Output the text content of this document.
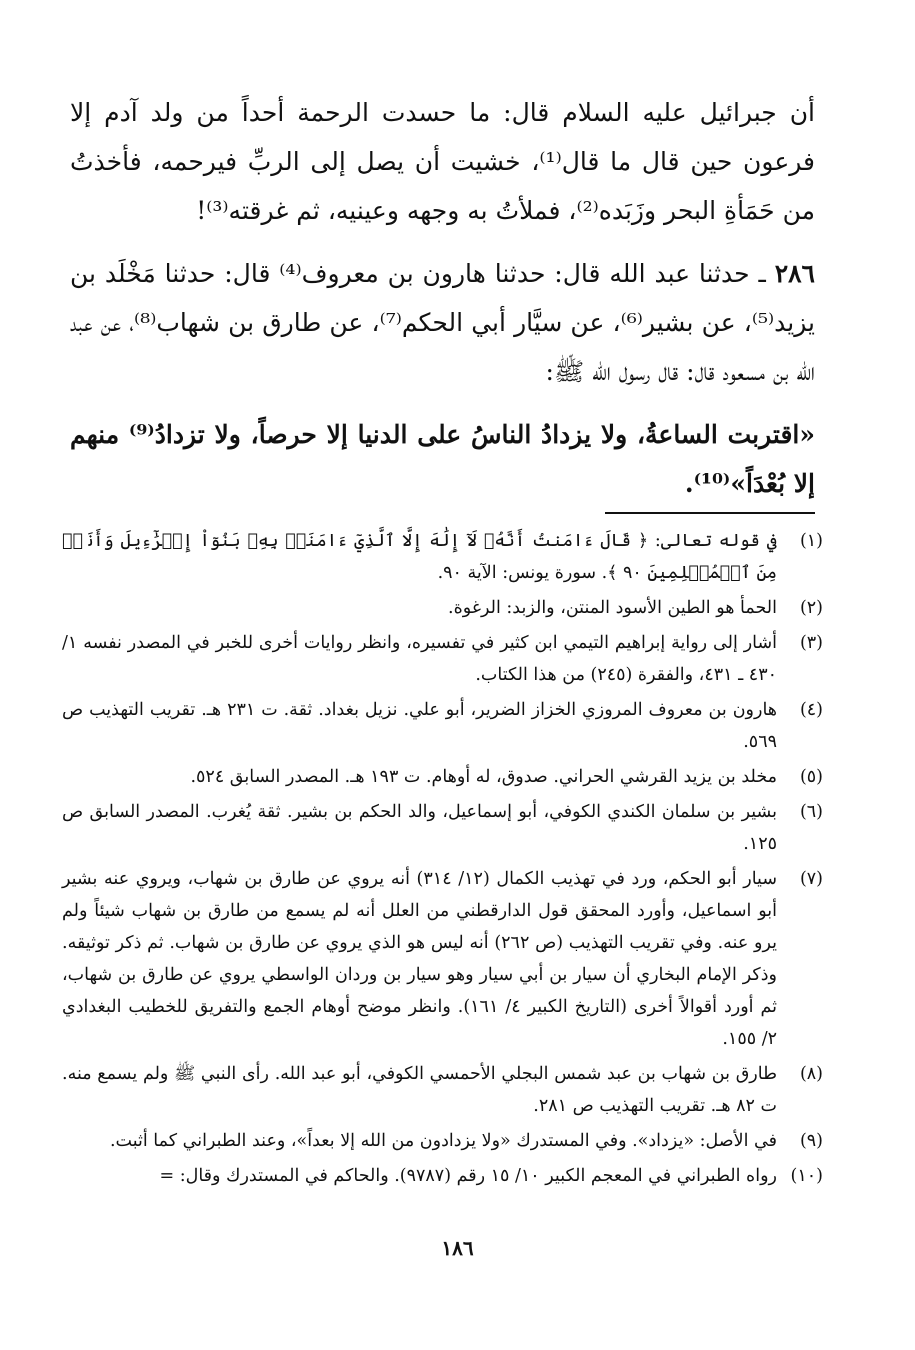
أن جبرائيل عليه السلام قال: ما حسدت الرحمة أحداً من ولد آدم إلا فرعون حين قال ما قال⁽¹⁾، خشيت أن يصل إلى الربِّ فيرحمه، فأخذتُ من حَمَأةِ البحر وزَبَده⁽²⁾، فملأتُ به وجهه وعينيه، ثم غرقته⁽³⁾!

٢٨٦ ـ حدثنا عبد الله قال: حدثنا هارون بن معروف⁽⁴⁾ قال: حدثنا مَخْلَد بن يزيد⁽⁵⁾، عن بشير⁽⁶⁾، عن سيَّار أبي الحكم⁽⁷⁾، عن طارق بن شهاب⁽⁸⁾، عن عبد الله بن مسعود قال: قال رسول الله ﷺ:

«اقتربت الساعةُ، ولا يزدادُ الناسُ على الدنيا إلا حرصاً، ولا تزدادُ⁽⁹⁾ منهم إلا بُعْدَاً»⁽¹⁰⁾.

(١)
في قوله تعالى: ﴿ قَالَ ءَامَنتُ أَنَّهُۥ لَآ إِلَٰهَ إِلَّا ٱلَّذِيٓ ءَامَنَتۡ بِهِۦ بَنُوٓاْ إِسۡرَٰٓءِيلَ وَأَنَا۠ مِنَ ٱلۡمُسۡلِمِينَ ٩٠ ﴾. سورة يونس: الآية ٩٠.
(٢)
الحمأ هو الطين الأسود المنتن، والزبد: الرغوة.
(٣)
أشار إلى رواية إبراهيم التيمي ابن كثير في تفسيره، وانظر روايات أخرى للخبر في المصدر نفسه ١/ ٤٣٠ ـ ٤٣١، والفقرة (٢٤٥) من هذا الكتاب.
(٤)
هارون بن معروف المروزي الخزاز الضرير، أبو علي. نزيل بغداد. ثقة. ت ٢٣١ هـ. تقريب التهذيب ص ٥٦٩.
(٥)
مخلد بن يزيد القرشي الحراني. صدوق، له أوهام. ت ١٩٣ هـ. المصدر السابق ٥٢٤.
(٦)
بشير بن سلمان الكندي الكوفي، أبو إسماعيل، والد الحكم بن بشير. ثقة يُغرب. المصدر السابق ص ١٢٥.
(٧)
سيار أبو الحكم، ورد في تهذيب الكمال (١٢/ ٣١٤) أنه يروي عن طارق بن شهاب، ويروي عنه بشير أبو اسماعيل، وأورد المحقق قول الدارقطني من العلل أنه لم يسمع من طارق بن شهاب شيئاً ولم يرو عنه. وفي تقريب التهذيب (ص ٢٦٢) أنه ليس هو الذي يروي عن طارق بن شهاب. ثم ذكر توثيقه. وذكر الإمام البخاري أن سيار بن أبي سيار وهو سيار بن وردان الواسطي يروي عن طارق بن شهاب، ثم أورد أقوالاً أخرى (التاريخ الكبير ٤/ ١٦١). وانظر موضح أوهام الجمع والتفريق للخطيب البغدادي ٢/ ١٥٥.
(٨)
طارق بن شهاب بن عبد شمس البجلي الأحمسي الكوفي، أبو عبد الله. رأى النبي ﷺ ولم يسمع منه. ت ٨٢ هـ. تقريب التهذيب ص ٢٨١.
(٩)
في الأصل: «يزداد». وفي المستدرك «ولا يزدادون من الله إلا بعداً»، وعند الطبراني كما أثبت.
(١٠)
رواه الطبراني في المعجم الكبير ١٠/ ١٥ رقم (٩٧٨٧). والحاكم في المستدرك وقال: =
١٨٦
